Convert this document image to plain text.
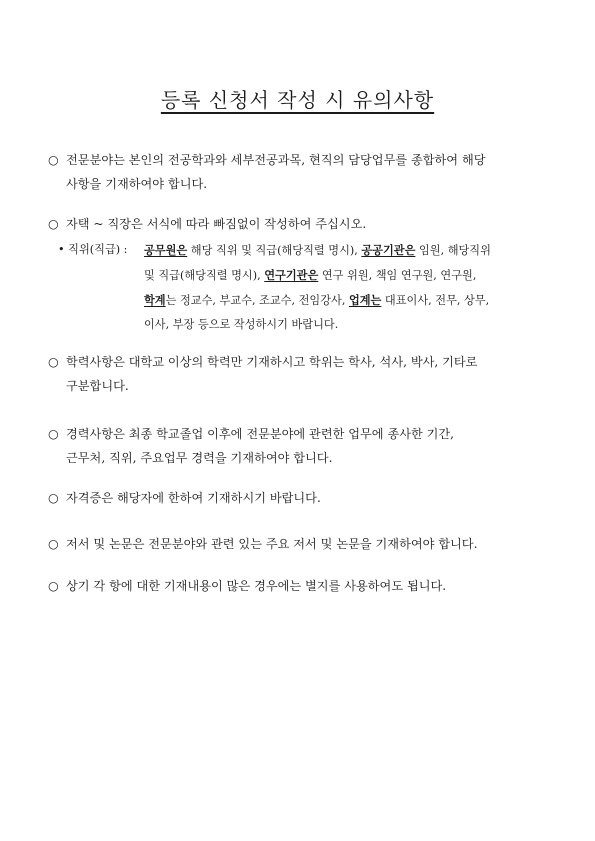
등록 신청서 작성 시 유의사항
○ 전문분야는 본인의 전공학과와 세부전공과목, 현직의 담당업무를 종합하여 해당
사항을 기재하여야 합니다.
○ 자택 ~ 직장은 서식에 따라 빠짐없이 작성하여 주십시오.
• 직위(직급) :	공무원은 해당 직위 및 직급(해당직렬 명시), 공공기관은 임원, 해당직위
및 직급(해당직렬 명시), 연구기관은 연구 위원, 책임 연구원, 연구원,
학계는 정교수, 부교수, 조교수, 전임강사, 업계는 대표이사, 전무, 상무,
이사, 부장 등으로 작성하시기 바랍니다.
○ 학력사항은 대학교 이상의 학력만 기재하시고 학위는 학사, 석사, 박사, 기타로
구분합니다.
○ 경력사항은 최종 학교졸업 이후에 전문분야에 관련한 업무에 종사한 기간,
근무처, 직위, 주요업무 경력을 기재하여야 합니다.
○ 자격증은 해당자에 한하여 기재하시기 바랍니다.
○ 저서 및 논문은 전문분야와 관련 있는 주요 저서 및 논문을 기재하여야 합니다.
○ 상기 각 항에 대한 기재내용이 많은 경우에는 별지를 사용하여도 됩니다.
